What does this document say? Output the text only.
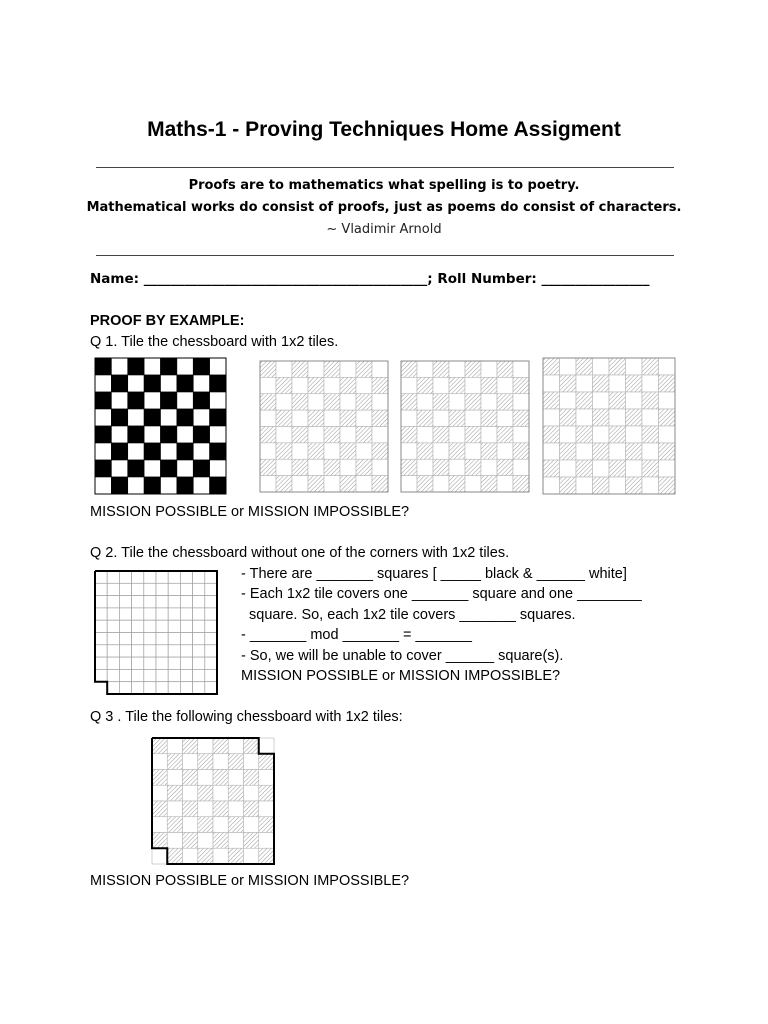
Maths-1 - Proving Techniques Home Assigment
Proofs are to mathematics what spelling is to poetry.
Mathematical works do consist of proofs, just as poems do consist of characters.
~ Vladimir Arnold
Name: __________________________________________; Roll Number: ________________
PROOF BY EXAMPLE:
Q 1. Tile the chessboard with 1x2 tiles.
MISSION POSSIBLE or MISSION IMPOSSIBLE?
Q 2. Tile the chessboard without one of the corners with 1x2 tiles.
- There are _______ squares [ _____ black & ______ white]
- Each 1x2 tile covers one _______ square and one ________
square. So, each 1x2 tile covers _______ squares.
- _______ mod _______ = _______
- So, we will be unable to cover ______ square(s).
MISSION POSSIBLE or MISSION IMPOSSIBLE?
Q 3 . Tile the following chessboard with 1x2 tiles:
MISSION POSSIBLE or MISSION IMPOSSIBLE?
